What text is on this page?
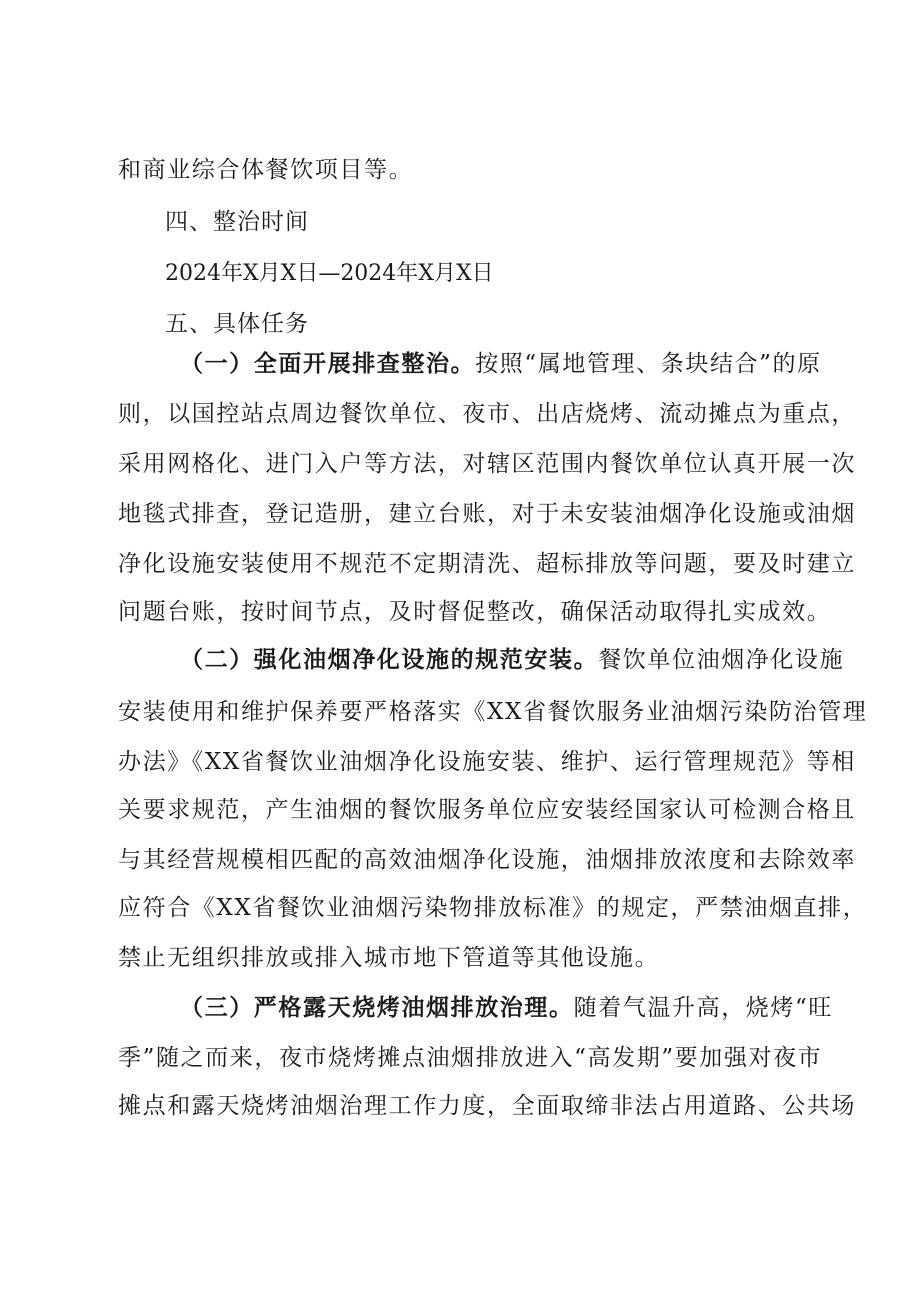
和商业综合体餐饮项目等。
四、整治时间
2024年X月X日—2024年X月X日
五、具体任务
（一）全面开展排查整治。按照“属地管理、条块结合”的原
则，以国控站点周边餐饮单位、夜市、出店烧烤、流动摊点为重点，
采用网格化、进门入户等方法，对辖区范围内餐饮单位认真开展一次
地毯式排查，登记造册，建立台账，对于未安装油烟净化设施或油烟
净化设施安装使用不规范不定期清洗、超标排放等问题，要及时建立
问题台账，按时间节点，及时督促整改，确保活动取得扎实成效。
（二）强化油烟净化设施的规范安装。餐饮单位油烟净化设施
安装使用和维护保养要严格落实《XX省餐饮服务业油烟污染防治管理
办法》《XX省餐饮业油烟净化设施安装、维护、运行管理规范》等相
关要求规范，产生油烟的餐饮服务单位应安装经国家认可检测合格且
与其经营规模相匹配的高效油烟净化设施，油烟排放浓度和去除效率
应符合《XX省餐饮业油烟污染物排放标准》的规定，严禁油烟直排，
禁止无组织排放或排入城市地下管道等其他设施。
（三）严格露天烧烤油烟排放治理。随着气温升高，烧烤“旺
季”随之而来，夜市烧烤摊点油烟排放进入“高发期”要加强对夜市
摊点和露天烧烤油烟治理工作力度，全面取缔非法占用道路、公共场
